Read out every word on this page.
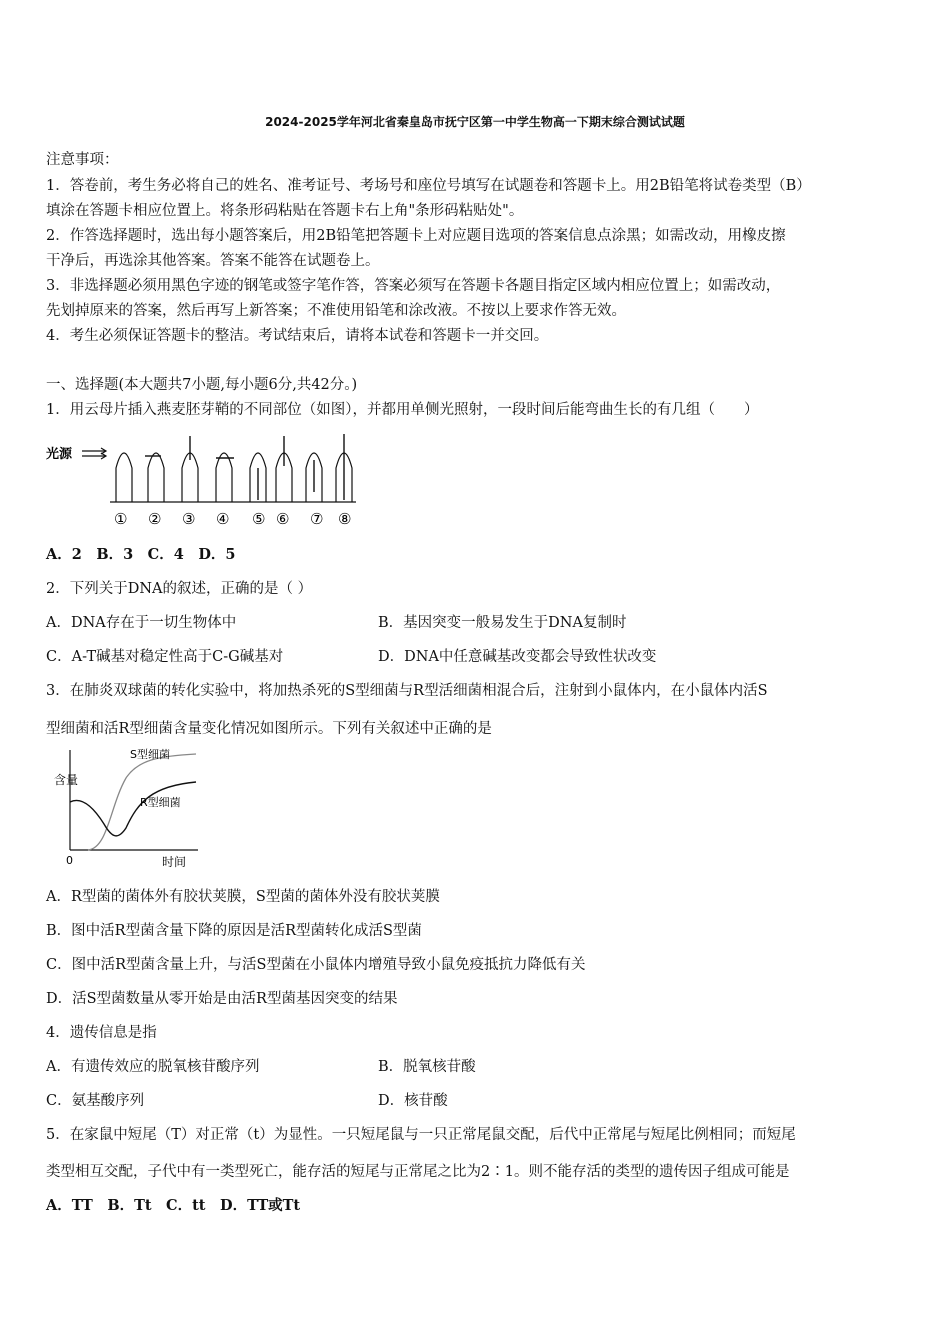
2024-2025学年河北省秦皇岛市抚宁区第一中学生物高一下期末综合测试试题
注意事项：
1．答卷前，考生务必将自己的姓名、准考证号、考场号和座位号填写在试题卷和答题卡上。用2B铅笔将试卷类型（B）
填涂在答题卡相应位置上。将条形码粘贴在答题卡右上角"条形码粘贴处"。
2．作答选择题时，选出每小题答案后，用2B铅笔把答题卡上对应题目选项的答案信息点涂黑；如需改动，用橡皮擦
干净后，再选涂其他答案。答案不能答在试题卷上。
3．非选择题必须用黑色字迹的钢笔或签字笔作答，答案必须写在答题卡各题目指定区域内相应位置上；如需改动，
先划掉原来的答案，然后再写上新答案；不准使用铅笔和涂改液。不按以上要求作答无效。
4．考生必须保证答题卡的整洁。考试结束后，请将本试卷和答题卡一并交回。
一、选择题(本大题共7小题,每小题6分,共42分。)
1．用云母片插入燕麦胚芽鞘的不同部位（如图），并都用单侧光照射，一段时间后能弯曲生长的有几组（　　）
光源
① ② ③ ④ ⑤ ⑥ ⑦ ⑧
A．2　B．3　C．4　D．5
2．下列关于DNA的叙述，正确的是（ ）
A．DNA存在于一切生物体中	B．基因突变一般易发生于DNA复制时
C．A-T碱基对稳定性高于C-G碱基对	D．DNA中任意碱基改变都会导致性状改变
3．在肺炎双球菌的转化实验中，将加热杀死的S型细菌与R型活细菌相混合后，注射到小鼠体内，在小鼠体内活S
型细菌和活R型细菌含量变化情况如图所示。下列有关叙述中正确的是
含量
S型细菌
R型细菌
0	时间
A．R型菌的菌体外有胶状荚膜，S型菌的菌体外没有胶状荚膜
B．图中活R型菌含量下降的原因是活R型菌转化成活S型菌
C．图中活R型菌含量上升，与活S型菌在小鼠体内增殖导致小鼠免疫抵抗力降低有关
D．活S型菌数量从零开始是由活R型菌基因突变的结果
4．遗传信息是指
A．有遗传效应的脱氧核苷酸序列	B．脱氧核苷酸
C．氨基酸序列	D．核苷酸
5．在家鼠中短尾（T）对正常（t）为显性。一只短尾鼠与一只正常尾鼠交配，后代中正常尾与短尾比例相同；而短尾
类型相互交配，子代中有一类型死亡，能存活的短尾与正常尾之比为2∶1。则不能存活的类型的遗传因子组成可能是
A．TT　B．Tt　C．tt　D．TT或Tt
